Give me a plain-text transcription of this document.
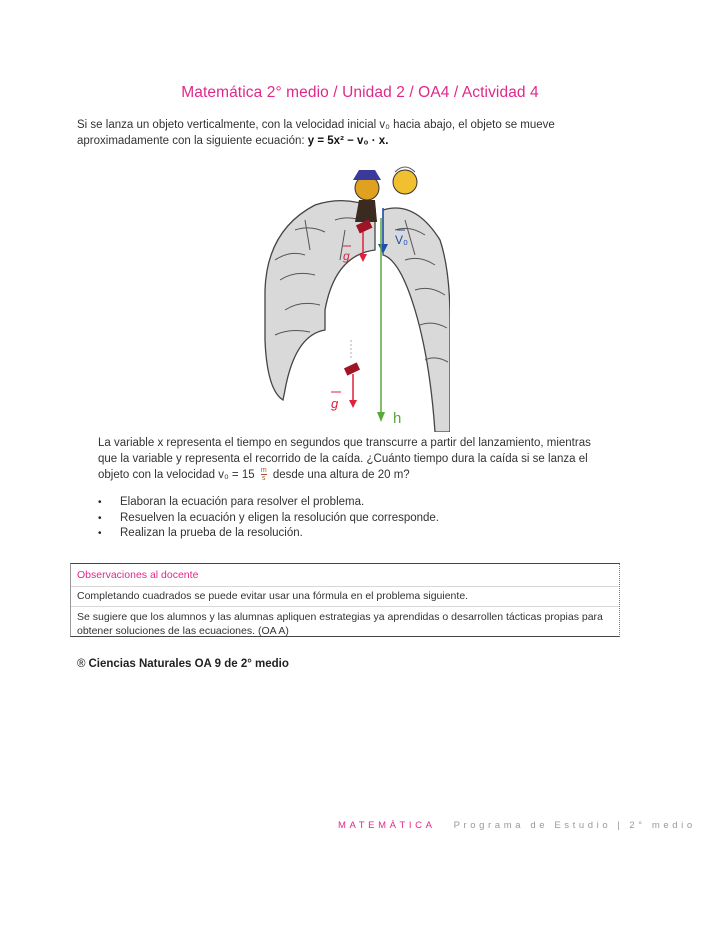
Matemática 2° medio / Unidad 2 / OA4 / Actividad 4
Si se lanza un objeto verticalmente, con la velocidad inicial v₀ hacia abajo, el objeto se mueve
aproximadamente con la siguiente ecuación: y = 5x² − v₀ · x.
V₀
h
g
g
La variable x representa el tiempo en segundos que transcurre a partir del lanzamiento, mientras
que la variable y representa el recorrido de la caída. ¿Cuánto tiempo dura la caída si se lanza el
objeto con la velocidad $v_0 = 15 \frac{m}{s}$ desde una altura de 20 m?
• Elaboran la ecuación para resolver el problema.
• Resuelven la ecuación y eligen la resolución que corresponde.
• Realizan la prueba de la resolución.
Observaciones al docente
Completando cuadrados se puede evitar usar una fórmula en el problema siguiente.
Se sugiere que los alumnos y las alumnas apliquen estrategias ya aprendidas o desarrollen tácticas propias para obtener soluciones de las ecuaciones. (OA A)
® Ciencias Naturales OA 9 de 2° medio
MATEMÁTICA Programa de Estudio | 2° medio
